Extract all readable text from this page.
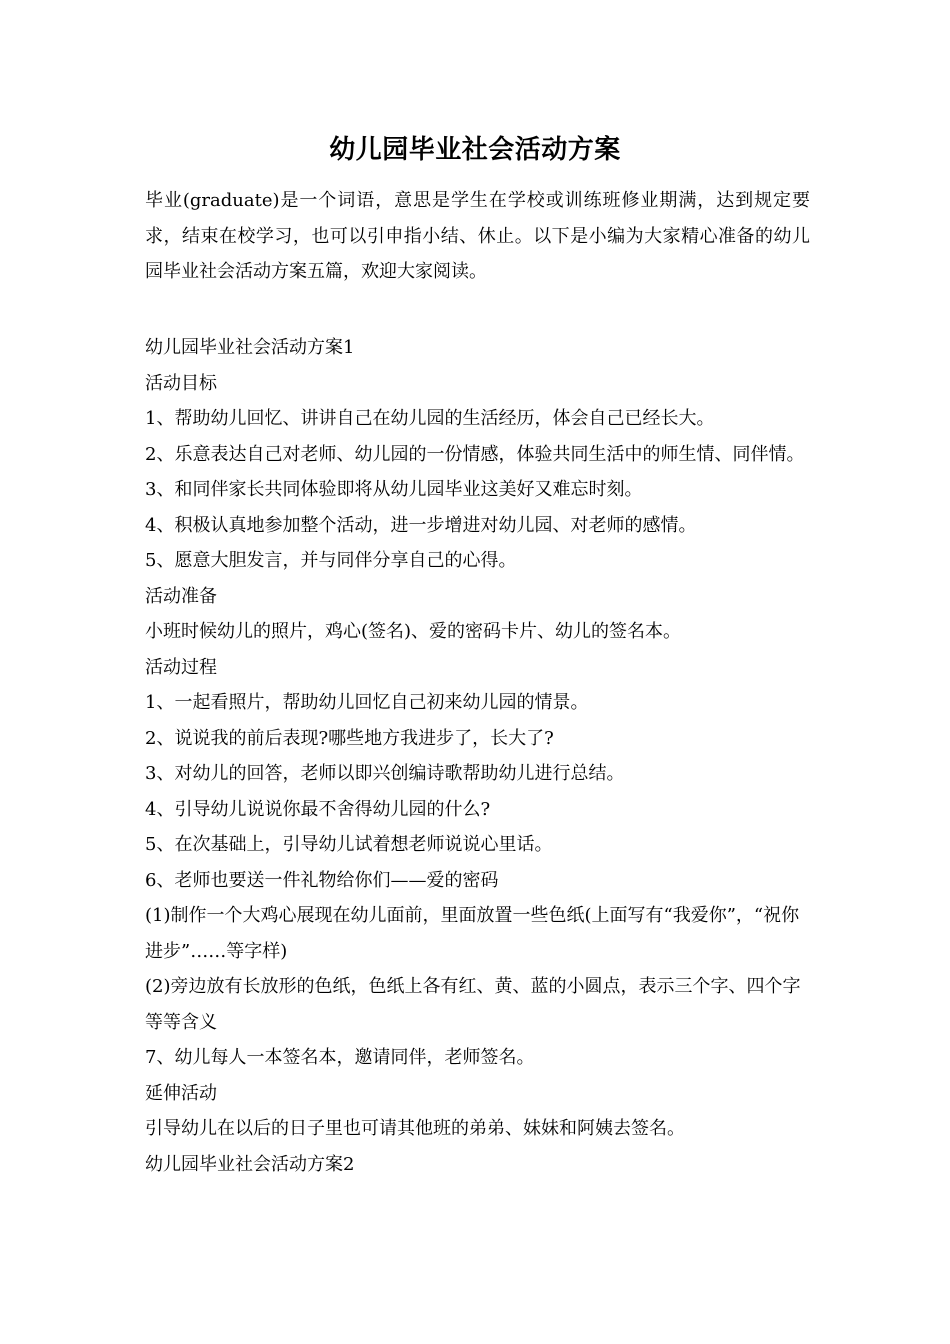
幼儿园毕业社会活动方案

毕业(graduate)是一个词语，意思是学生在学校或训练班修业期满，达到规定要求，结束在校学习，也可以引申指小结、休止。以下是小编为大家精心准备的幼儿园毕业社会活动方案五篇，欢迎大家阅读。

幼儿园毕业社会活动方案1

活动目标

1、帮助幼儿回忆、讲讲自己在幼儿园的生活经历，体会自己已经长大。

2、乐意表达自己对老师、幼儿园的一份情感，体验共同生活中的师生情、同伴情。

3、和同伴家长共同体验即将从幼儿园毕业这美好又难忘时刻。

4、积极认真地参加整个活动，进一步增进对幼儿园、对老师的感情。

5、愿意大胆发言，并与同伴分享自己的心得。

活动准备

小班时候幼儿的照片，鸡心(签名)、爱的密码卡片、幼儿的签名本。

活动过程

1、一起看照片，帮助幼儿回忆自己初来幼儿园的情景。

2、说说我的前后表现?哪些地方我进步了，长大了?

3、对幼儿的回答，老师以即兴创编诗歌帮助幼儿进行总结。

4、引导幼儿说说你最不舍得幼儿园的什么?

5、在次基础上，引导幼儿试着想老师说说心里话。

6、老师也要送一件礼物给你们——爱的密码

(1)制作一个大鸡心展现在幼儿面前，里面放置一些色纸(上面写有“我爱你”，“祝你进步”……等字样)

(2)旁边放有长放形的色纸，色纸上各有红、黄、蓝的小圆点，表示三个字、四个字等等含义

7、幼儿每人一本签名本，邀请同伴，老师签名。

延伸活动

引导幼儿在以后的日子里也可请其他班的弟弟、妹妹和阿姨去签名。

幼儿园毕业社会活动方案2
